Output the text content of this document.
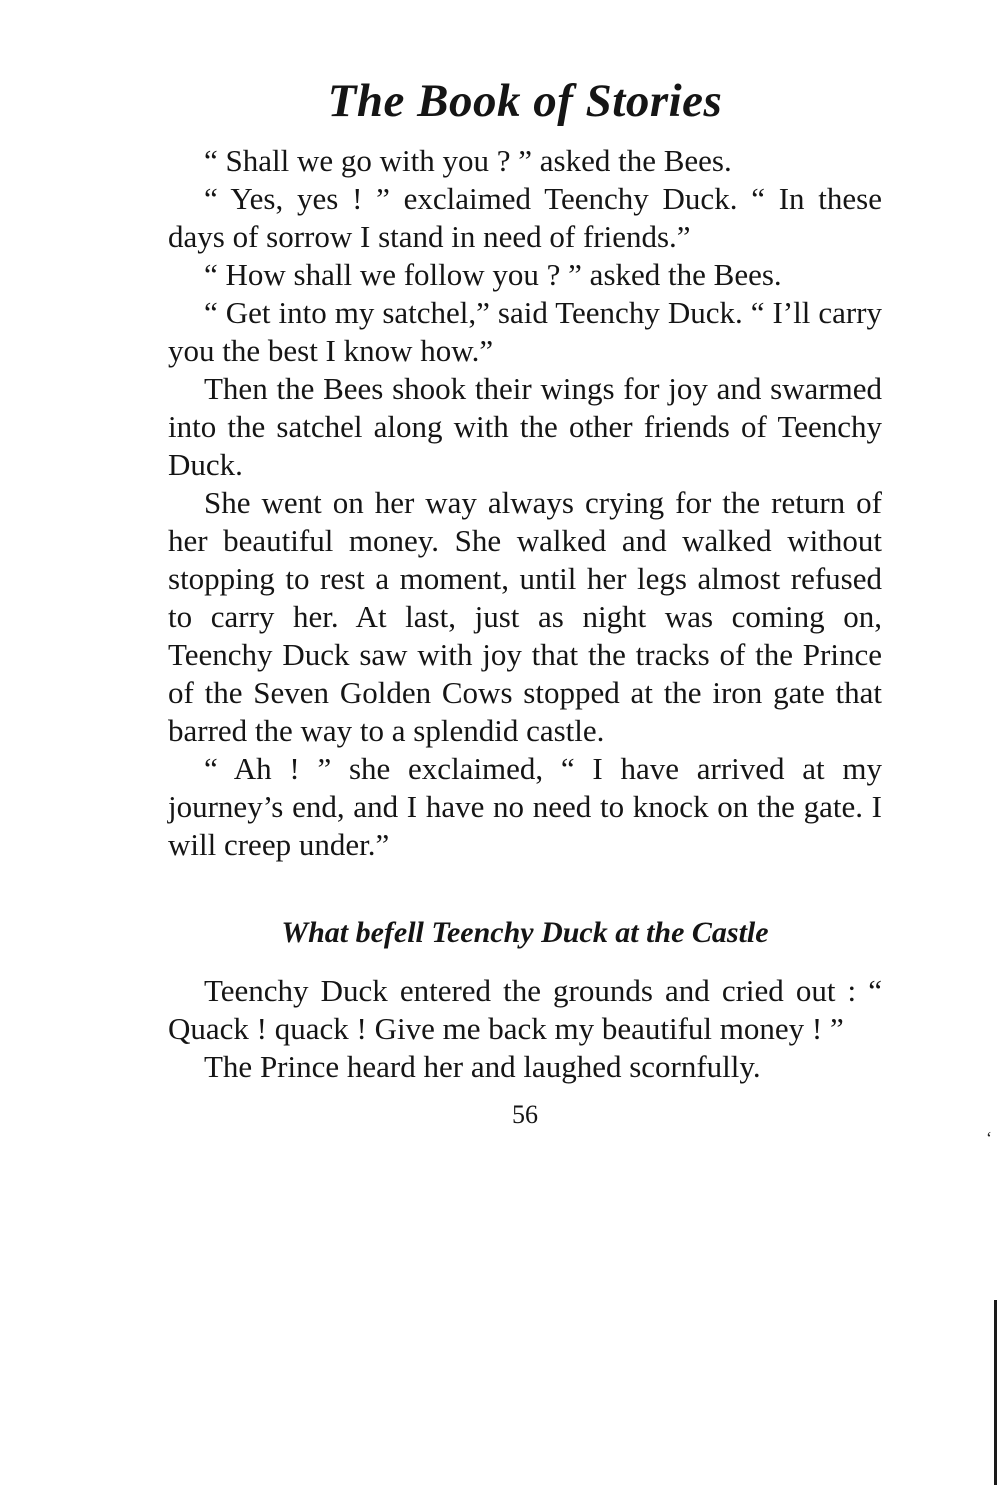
The Book of Stories

“ Shall we go with you ? ” asked the Bees.

“ Yes, yes ! ” exclaimed Teenchy Duck. “ In these days of sorrow I stand in need of friends.”

“ How shall we follow you ? ” asked the Bees.

“ Get into my satchel,” said Teenchy Duck. “ I’ll carry you the best I know how.”

Then the Bees shook their wings for joy and swarmed into the satchel along with the other friends of Teenchy Duck.

She went on her way always crying for the return of her beautiful money. She walked and walked without stopping to rest a moment, until her legs almost refused to carry her. At last, just as night was coming on, Teenchy Duck saw with joy that the tracks of the Prince of the Seven Golden Cows stopped at the iron gate that barred the way to a splendid castle.

“ Ah ! ” she exclaimed, “ I have arrived at my journey’s end, and I have no need to knock on the gate. I will creep under.”

What befell Teenchy Duck at the Castle

Teenchy Duck entered the grounds and cried out : “ Quack ! quack ! Give me back my beautiful money ! ”

The Prince heard her and laughed scornfully.

56
‘
